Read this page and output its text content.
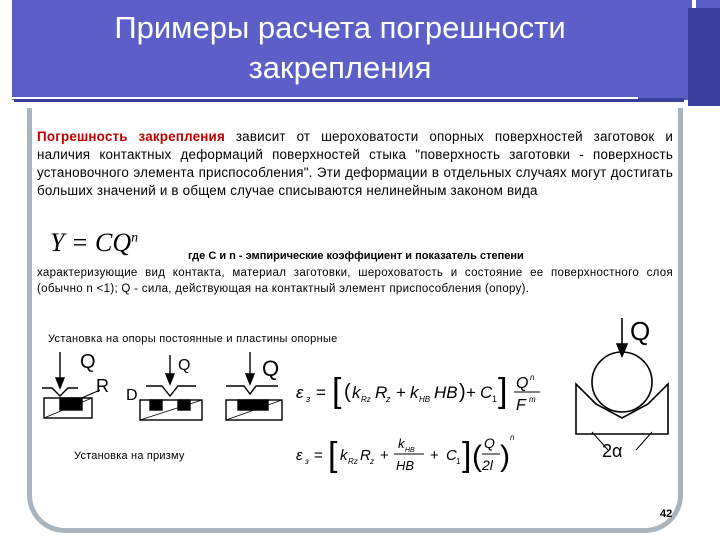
Примеры расчета погрешности закрепления
Погрешность закрепления зависит от шероховатости опорных поверхностей заготовок и наличия контактных деформаций поверхностей стыка "поверхность заготовки - поверхность установочного элемента приспособления". Эти деформации в отдельных случаях могут достигать больших значений и в общем случае списываются нелинейным законом вида
$Y = CQ^n$
где С и n - эмпирические коэффициент и показатель степени
характеризующие вид контакта, материал заготовки, шероховатость и состояние ее поверхностного слоя (обычно n <1); Q - сила, действующая на контактный элемент приспособления (опору).
Установка на опоры постоянные и пластины опорные
Установка на призму
Q
R D
Q	Q
Q
2α
ε з = [ ( k Rz R
z + k HB HB ) + C 1 ] Q n
F m
ε з = [ k Rz R z +
k HB
HB
+ C 1 ] ( Q
2l )
n
42
